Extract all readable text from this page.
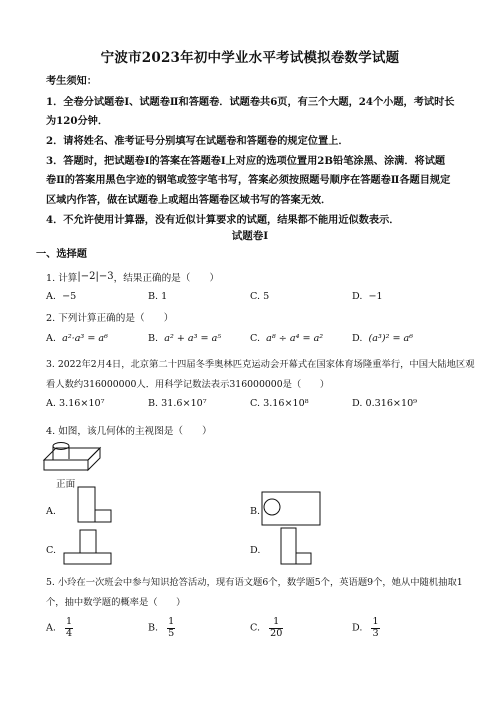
宁波市2023年初中学业水平考试模拟卷数学试题
考生须知：
1．全卷分试题卷Ⅰ、试题卷Ⅱ和答题卷．试题卷共6页，有三个大题，24个小题，考试时长
为120分钟．
2．请将姓名、准考证号分别填写在试题卷和答题卷的规定位置上．
3．答题时，把试题卷Ⅰ的答案在答题卷Ⅰ上对应的选项位置用2B铅笔涂黑、涂满．将试题
卷Ⅱ的答案用黑色字迹的钢笔或签字笔书写，答案必须按照题号顺序在答题卷Ⅱ各题目规定
区域内作答，做在试题卷上或超出答题卷区域书写的答案无效．
4．不允许使用计算器，没有近似计算要求的试题，结果都不能用近似数表示．
试题卷Ⅰ
一、选择题
1. 计算|−2|−3，结果正确的是（　　）
A. −5	B. 1	C. 5	D. −1
2. 下列计算正确的是（　　）
A. a²·a³ = a⁶	B. a² + a³ = a⁵	C. a⁸ ÷ a⁴ = a²	D. (a³)² = a⁶
3. 2022年2月4日，北京第二十四届冬季奥林匹克运动会开幕式在国家体育场隆重举行，中国大陆地区观
看人数约316000000人．用科学记数法表示316000000是（　　）
A. 3.16×10⁷	B. 31.6×10⁷	C. 3.16×10⁸	D. 0.316×10⁹
4. 如图，该几何体的主视图是（　　）
正面
A.	B.
C.	D.
5. 小玲在一次班会中参与知识抢答活动，现有语文题6个，数学题5个，英语题9个，她从中随机抽取1
个，抽中数学题的概率是（　　）
A. $\frac{1}{4}$	B. $\frac{1}{5}$	C. $\frac{1}{20}$	D. $\frac{1}{3}$
